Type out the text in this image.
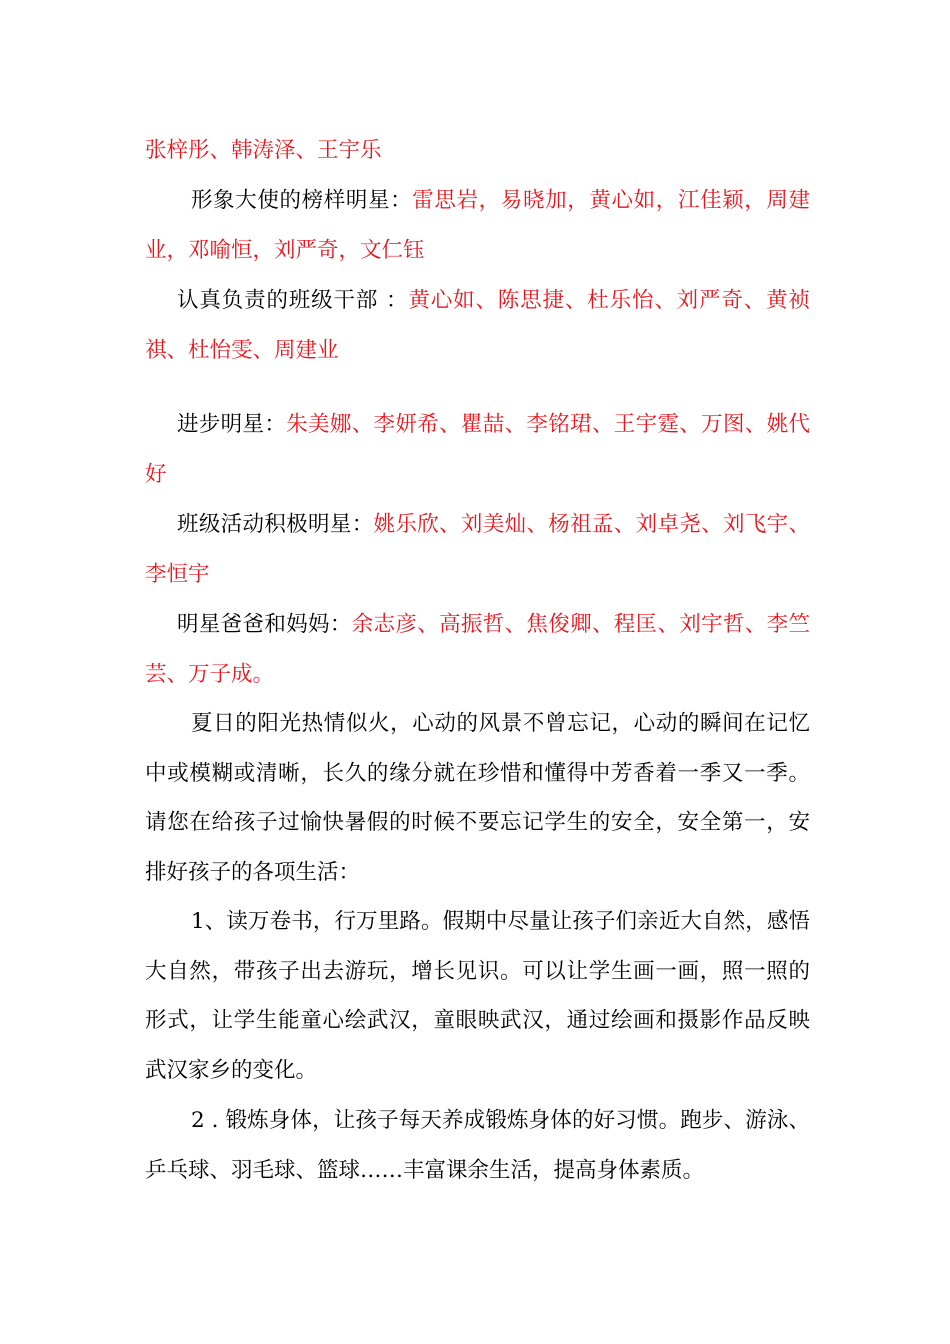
张梓彤、韩涛泽、王宇乐

形象大使的榜样明星：雷思岩，易晓加，黄心如，江佳颖，周建业，邓喻恒，刘严奇，文仁钰

认真负责的班级干部 ：黄心如、陈思捷、杜乐怡、刘严奇、黄祯祺、杜怡雯、周建业

进步明星：朱美娜、李妍希、瞿喆、李铭珺、王宇霆、万图、姚代好

班级活动积极明星：姚乐欣、刘美灿、杨祖孟、刘卓尧、刘飞宇、李恒宇

明星爸爸和妈妈：余志彦、高振哲、焦俊卿、程匡、刘宇哲、李竺芸、万子成。

夏日的阳光热情似火，心动的风景不曾忘记，心动的瞬间在记忆中或模糊或清晰，长久的缘分就在珍惜和懂得中芳香着一季又一季。请您在给孩子过愉快暑假的时候不要忘记学生的安全，安全第一，安排好孩子的各项生活：

1、读万卷书，行万里路。假期中尽量让孩子们亲近大自然，感悟大自然，带孩子出去游玩，增长见识。可以让学生画一画，照一照的形式，让学生能童心绘武汉，童眼映武汉，通过绘画和摄影作品反映武汉家乡的变化。

2 . 锻炼身体，让孩子每天养成锻炼身体的好习惯。跑步、游泳、乒乓球、羽毛球、篮球……丰富课余生活，提高身体素质。
